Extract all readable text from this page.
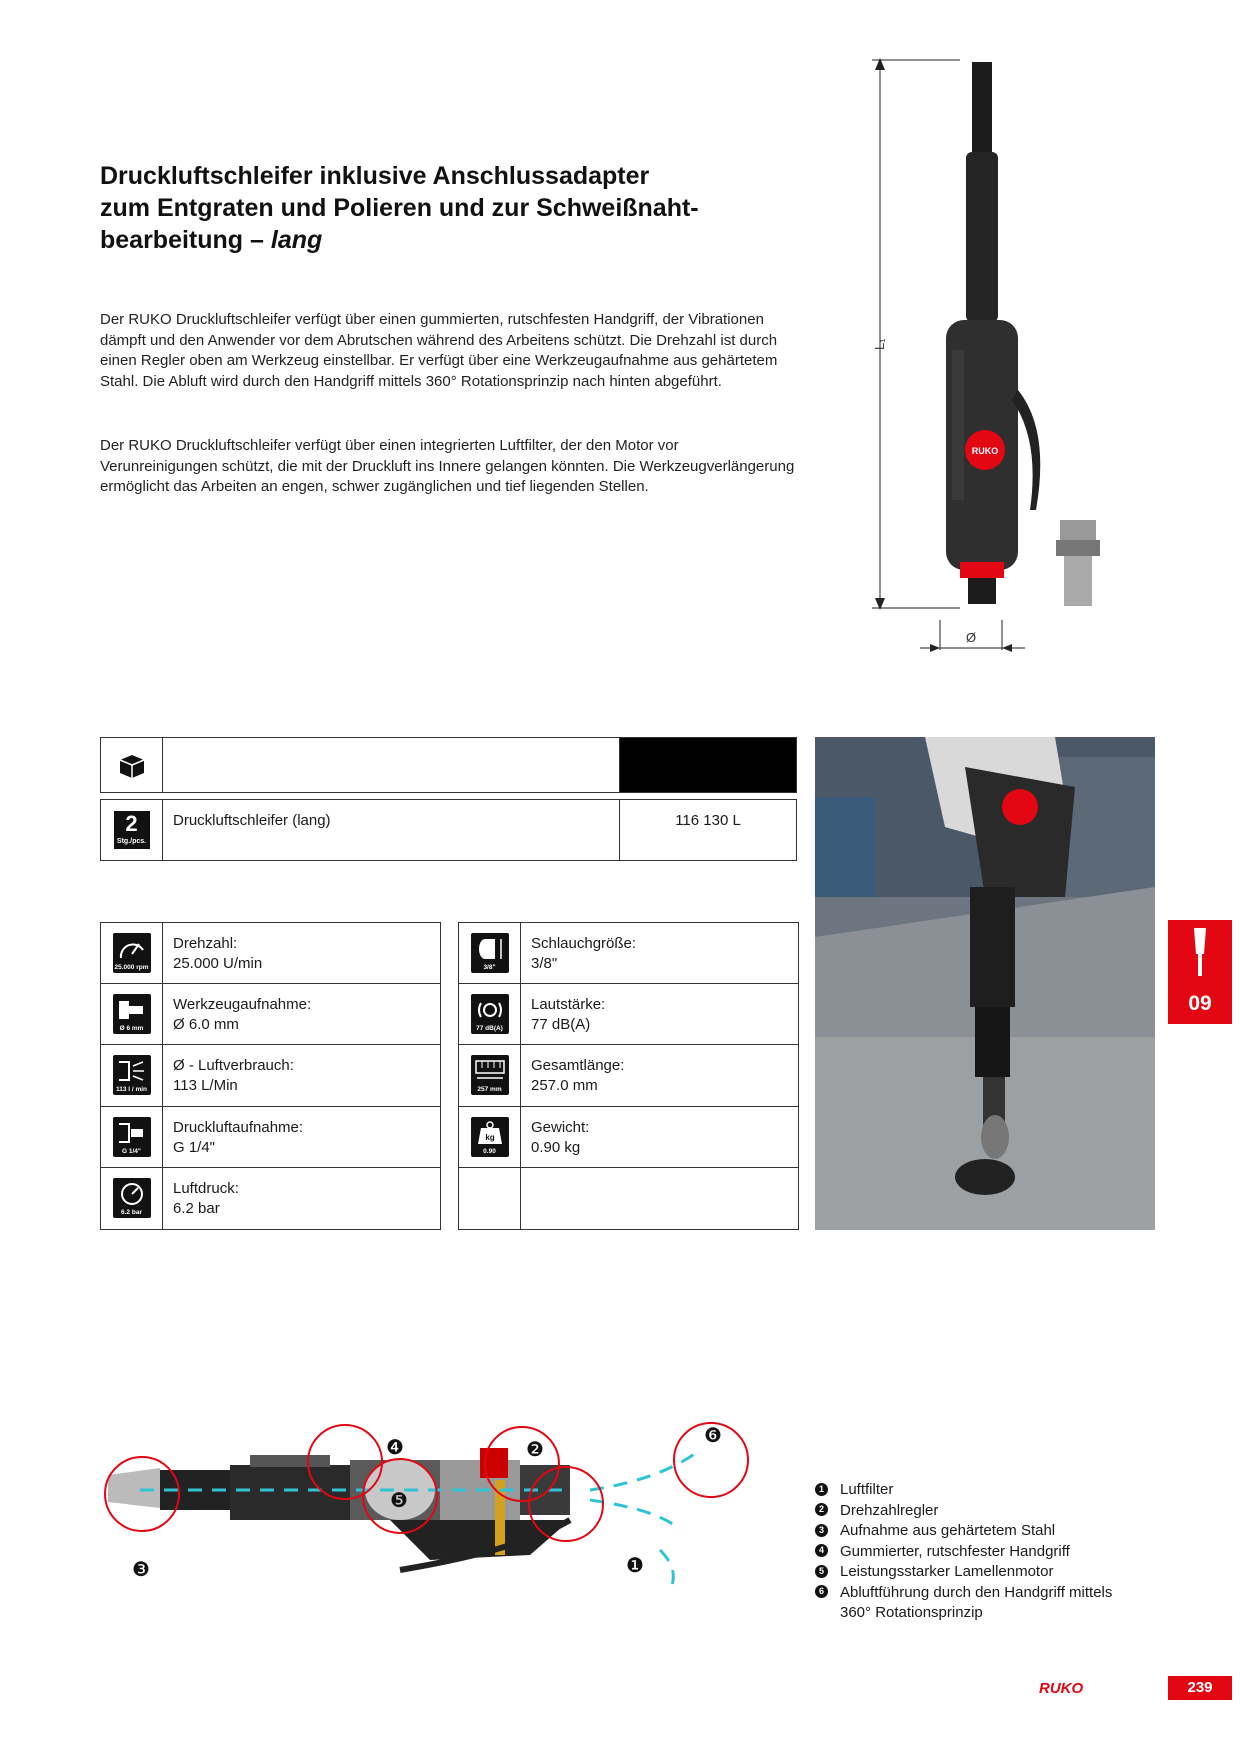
Druckluftschleifer inklusive Anschlussadapter
zum Entgraten und Polieren und zur Schweißnaht-
bearbeitung – lang

Der RUKO Druckluftschleifer verfügt über einen gummierten, rutschfesten Handgriff, der Vibrationen dämpft und den Anwender vor dem Abrutschen während des Arbeitens schützt. Die Drehzahl ist durch einen Regler oben am Werkzeug einstellbar. Er verfügt über eine Werkzeugaufnahme aus gehärtetem Stahl. Die Abluft wird durch den Handgriff mittels 360° Rotationsprinzip nach hinten abgeführt.

Der RUKO Druckluftschleifer verfügt über einen integrierten Luftfilter, der den Motor vor Verunreinigungen schützt, die mit der Druckluft ins Innere gelangen könnten. Die Werkzeugverlängerung ermöglicht das Arbeiten an engen, schwer zugänglichen und tief liegenden Stellen.

L₁
Ø
RUKO
2
Stg./pcs.
Druckluftschleifer (lang)	116 130 L
25.000 rpm
Drehzahl:
25.000 U/min
Ø 6 mm
Werkzeugaufnahme:
Ø 6.0 mm
113 l / min
Ø - Luftverbrauch:
113 L/Min
G 1/4"
Druckluftaufnahme:
G 1/4"
6.2 bar
Luftdruck:
6.2 bar
3/8"
Schlauchgröße:
3/8"
77 dB(A)
Lautstärke:
77 dB(A)
257 mm
Gesamtlänge:
257.0 mm
kg
0.90
Gewicht:
0.90 kg
09
❸
❺
❹	❷
❶
❻
1	Luftfilter
2	Drehzahlregler
3	Aufnahme aus gehärtetem Stahl
4	Gummierter, rutschfester Handgriff
5	Leistungsstarker Lamellenmotor
6	Abluftführung durch den Handgriff mittels 360° Rotationsprinzip
RUKO	239
